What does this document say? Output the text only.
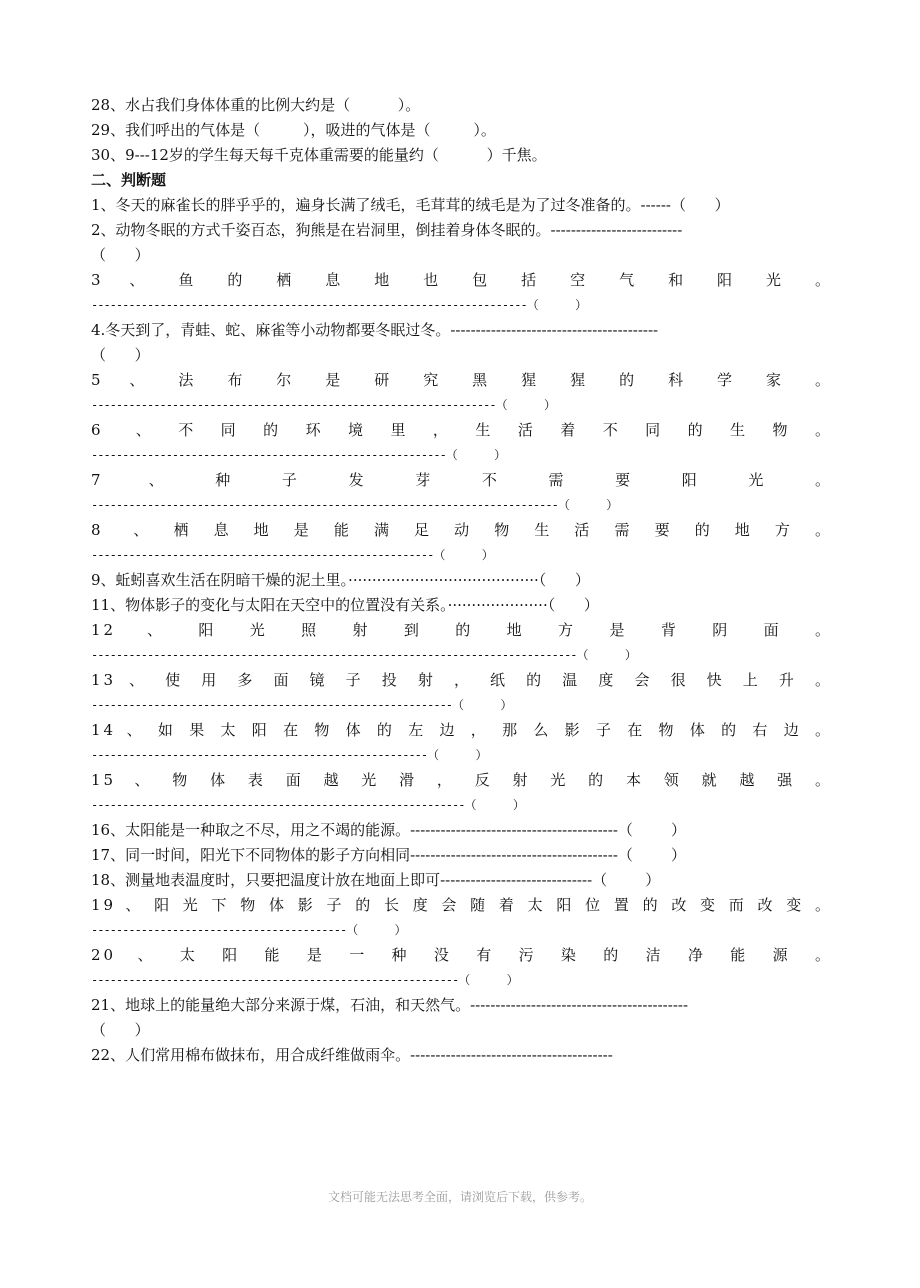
28、水占我们身体体重的比例大约是（          ）。
29、我们呼出的气体是（         ），吸进的气体是（         ）。
30、9---12岁的学生每天每千克体重需要的能量约（          ）千焦。
二、判断题
1、冬天的麻雀长的胖乎乎的，遍身长满了绒毛，毛茸茸的绒毛是为了过冬准备的。------（      ）
2、动物冬眠的方式千姿百态，狗熊是在岩洞里，倒挂着身体冬眠的。--------------------------
（      ）
3  、  鱼  的  栖  息  地  也  包  括  空  气  和  阳  光  。
----------------------------------------------------------------------（      ）
4.冬天到了，青蛙、蛇、麻雀等小动物都要冬眠过冬。-----------------------------------------
（      ）
5  、  法  布  尔  是  研  究  黑  猩  猩  的  科  学  家  。
-----------------------------------------------------------------（      ）
6  、 不 同 的 环 境 里 ， 生 活 着 不 同 的 生 物 。
---------------------------------------------------------（      ）
7    、    种    子    发    芽    不    需    要    阳    光    。
---------------------------------------------------------------------------（      ）
8  、 栖 息 地 是 能 满 足 动 物 生 活 需 要 的 地 方 。
-------------------------------------------------------（      ）
9、蚯蚓喜欢生活在阴暗干燥的泥土里。········································（      ）
11、物体影子的变化与太阳在天空中的位置没有关系。·····················（      ）
12   、   阳   光   照   射   到   的   地   方   是   背   阴   面   。
------------------------------------------------------------------------------（      ）
13 、 使 用 多 面 镜 子 投 射 ， 纸 的 温 度 会 很 快 上 升 。
----------------------------------------------------------（      ）
14 、 如 果 太 阳 在 物 体 的 左 边 ， 那 么 影 子 在 物 体 的 右 边 。
------------------------------------------------------（      ）
15  、  物  体  表  面  越  光  滑  ，  反  射  光  的  本  领  就  越  强  。
------------------------------------------------------------（      ）
16、太阳能是一种取之不尽，用之不竭的能源。-----------------------------------------（        ）
17、同一时间，阳光下不同物体的影子方向相同-----------------------------------------（        ）
18、测量地表温度时，只要把温度计放在地面上即可------------------------------（        ）
19 、 阳 光 下 物 体 影 子 的 长 度 会 随 着 太 阳 位 置 的 改 变 而 改 变 。
-----------------------------------------（      ）
20  、  太  阳  能  是  一  种  没  有  污  染  的  洁  净  能  源  。
-----------------------------------------------------------（      ）
21、地球上的能量绝大部分来源于煤，石油，和天然气。-------------------------------------------
（      ）
22、人们常用棉布做抹布，用合成纤维做雨伞。----------------------------------------
文档可能无法思考全面，请浏览后下载，供参考。
